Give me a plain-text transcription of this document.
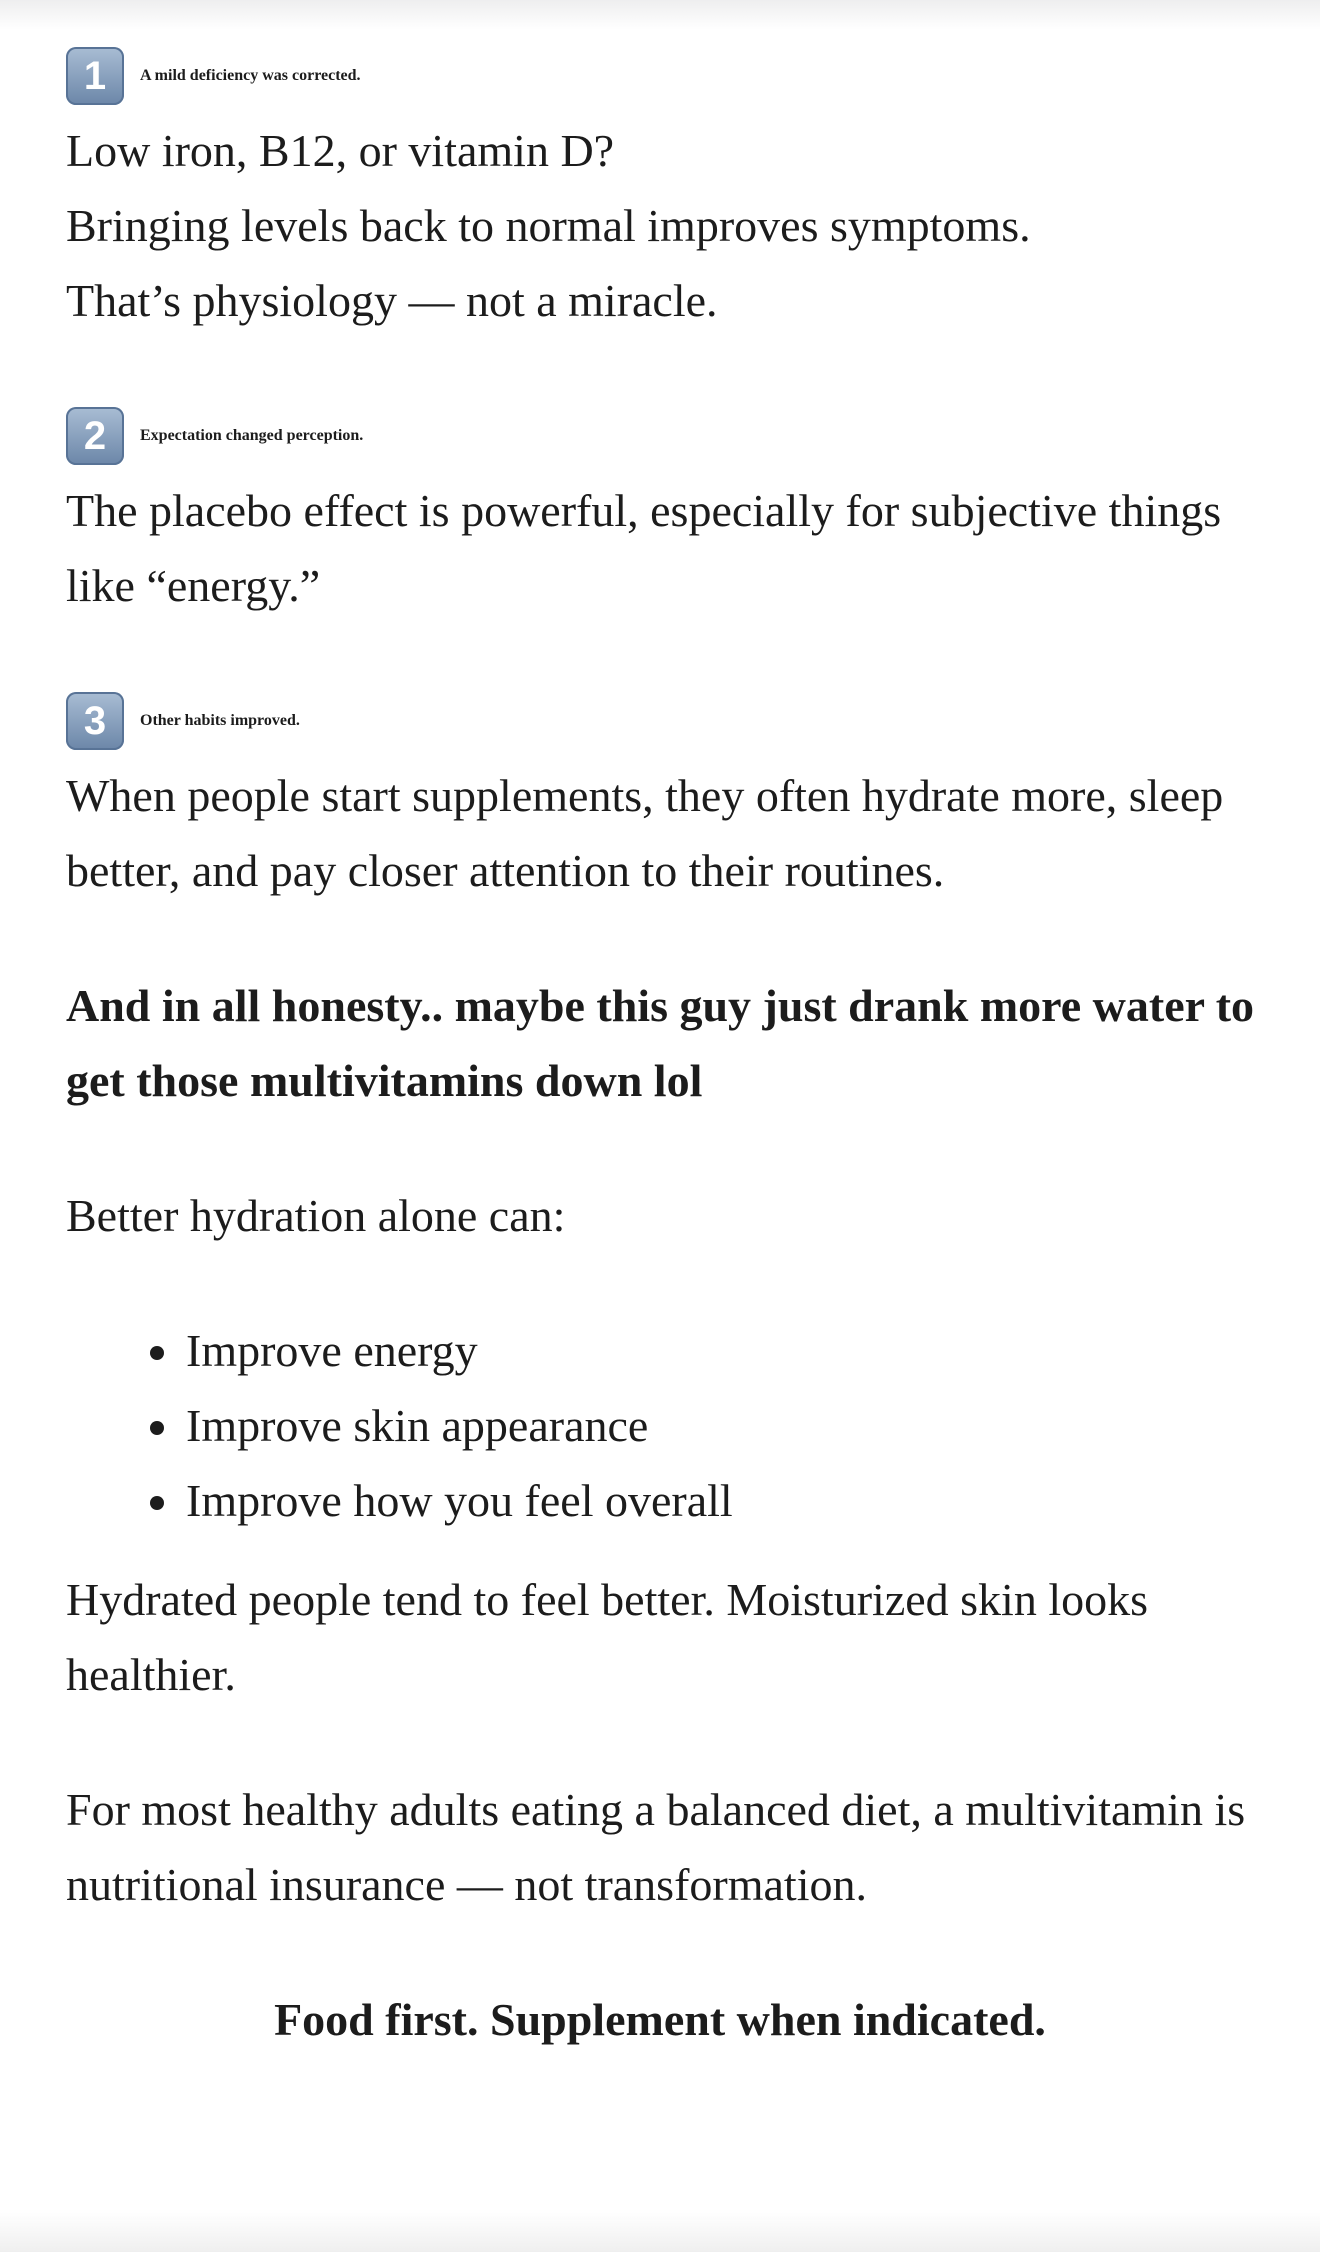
1	A mild deficiency was corrected.

Low iron, B12, or vitamin D?

Bringing levels back to normal improves symptoms.

That’s physiology — not a miracle.

2	Expectation changed perception.

The placebo effect is powerful, especially for subjective things like “energy.”

3	Other habits improved.

When people start supplements, they often hydrate more, sleep better, and pay closer attention to their routines.

And in all honesty.. maybe this guy just drank more water to get those multivitamins down lol

Better hydration alone can:

• Improve energy
• Improve skin appearance
• Improve how you feel overall

Hydrated people tend to feel better. Moisturized skin looks healthier.

For most healthy adults eating a balanced diet, a multivitamin is nutritional insurance — not transformation.

Food first. Supplement when indicated.
